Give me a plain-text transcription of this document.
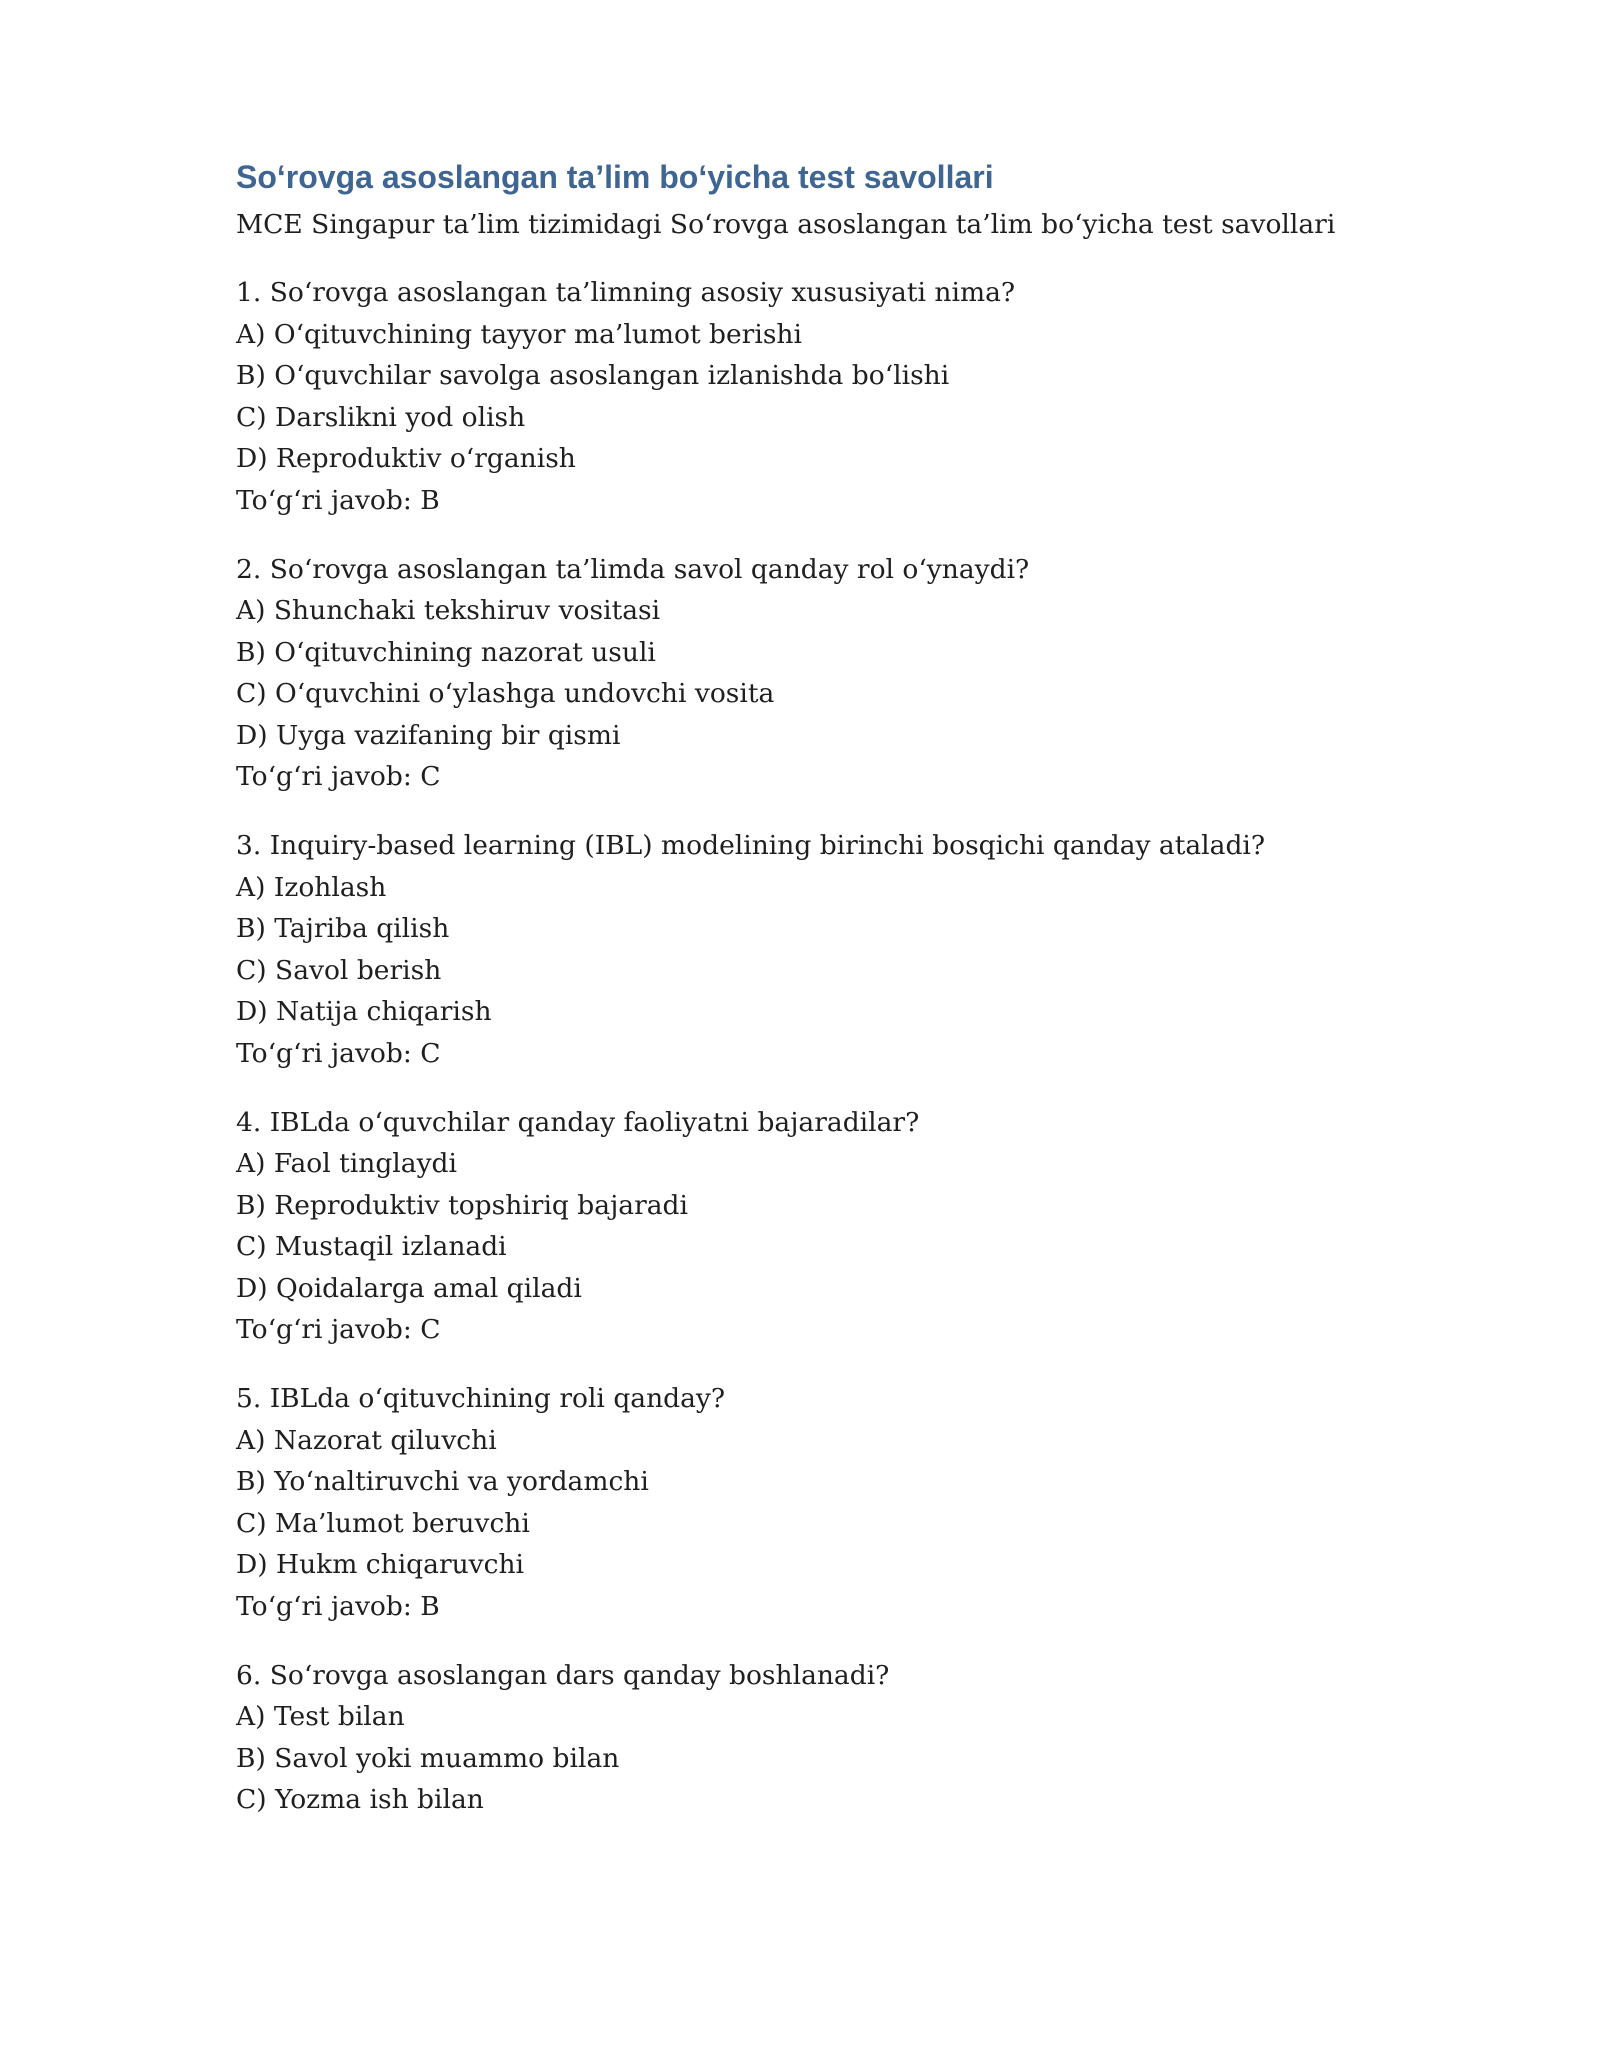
So‘rovga asoslangan ta’lim bo‘yicha test savollari

MCE Singapur ta’lim tizimidagi So‘rovga asoslangan ta’lim bo‘yicha test savollari

1. So‘rovga asoslangan ta’limning asosiy xususiyati nima?
A) O‘qituvchining tayyor ma’lumot berishi
B) O‘quvchilar savolga asoslangan izlanishda bo‘lishi
C) Darslikni yod olish
D) Reproduktiv o‘rganish
To‘g‘ri javob: B
2. So‘rovga asoslangan ta’limda savol qanday rol o‘ynaydi?
A) Shunchaki tekshiruv vositasi
B) O‘qituvchining nazorat usuli
C) O‘quvchini o‘ylashga undovchi vosita
D) Uyga vazifaning bir qismi
To‘g‘ri javob: C
3. Inquiry-based learning (IBL) modelining birinchi bosqichi qanday ataladi?
A) Izohlash
B) Tajriba qilish
C) Savol berish
D) Natija chiqarish
To‘g‘ri javob: C
4. IBLda o‘quvchilar qanday faoliyatni bajaradilar?
A) Faol tinglaydi
B) Reproduktiv topshiriq bajaradi
C) Mustaqil izlanadi
D) Qoidalarga amal qiladi
To‘g‘ri javob: C
5. IBLda o‘qituvchining roli qanday?
A) Nazorat qiluvchi
B) Yo‘naltiruvchi va yordamchi
C) Ma’lumot beruvchi
D) Hukm chiqaruvchi
To‘g‘ri javob: B
6. So‘rovga asoslangan dars qanday boshlanadi?
A) Test bilan
B) Savol yoki muammo bilan
C) Yozma ish bilan
